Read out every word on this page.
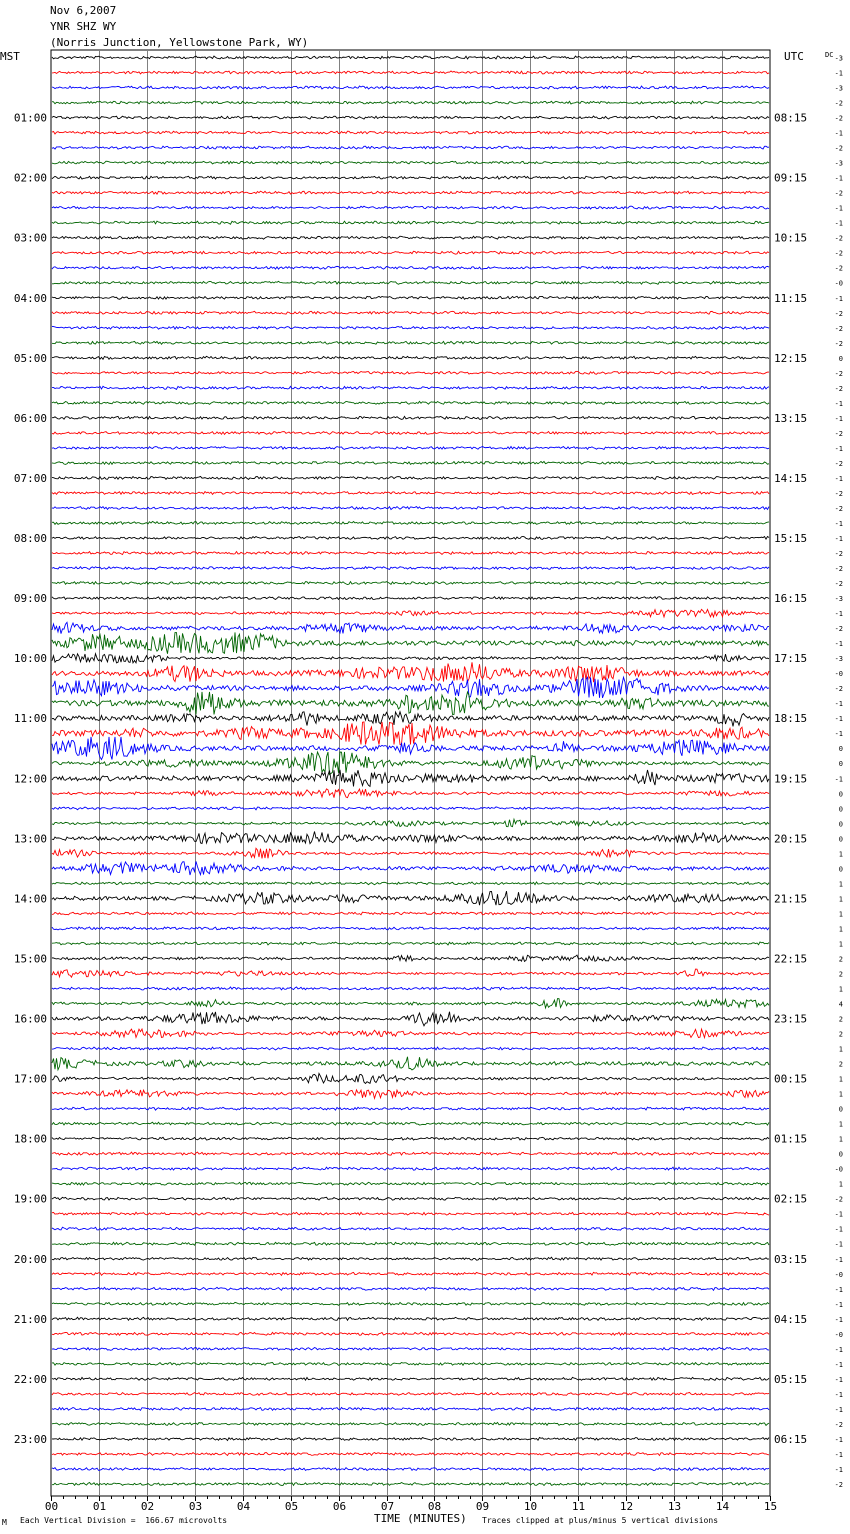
Nov 6,2007
YNR SHZ WY
(Norris Junction, Yellowstone Park, WY)
00	01	02	03	04	05	06	07	08	09	10	11	12	13	14	15
-3
-1
-3
-2
-2
-1
-2
-3
-1
-2
-1
-1
-2
-2
-2
-0
-1
-2
-2
-2
0
-2
-2
-1
-1
-2
-1
-2
-1
-2
-2
-1
-1
-2
-2
-2
-3
-1
-2
-1
-3
-0
-2
-1
-1
-1
0
0
-1
0
0
0
0
1
0
1
1
1
1
1
2
2
1
4
2
2
1
2
1
1
0
1
1
0
-0
1
-2
-1
-1
-1
-1
-0
-1
-1
-1
-0
-1
-1
-1
-1
-1
-2
-1
-1
-1
-2
01:00
02:00
03:00
04:00
05:00
06:00
07:00
08:00
09:00
10:00
11:00
12:00
13:00
14:00
15:00
16:00
17:00
18:00
19:00
20:00
21:00
22:00
23:00
08:15
09:15
10:15
11:15
12:15
13:15
14:15
15:15
16:15
17:15
18:15
19:15
20:15
21:15
22:15
23:15
00:15
01:15
02:15
03:15
04:15
05:15
06:15
MST	UTC	DC
TIME (MINUTES)
M Each Vertical Division =  166.67 microvolts	Traces clipped at plus/minus 5 vertical divisions
